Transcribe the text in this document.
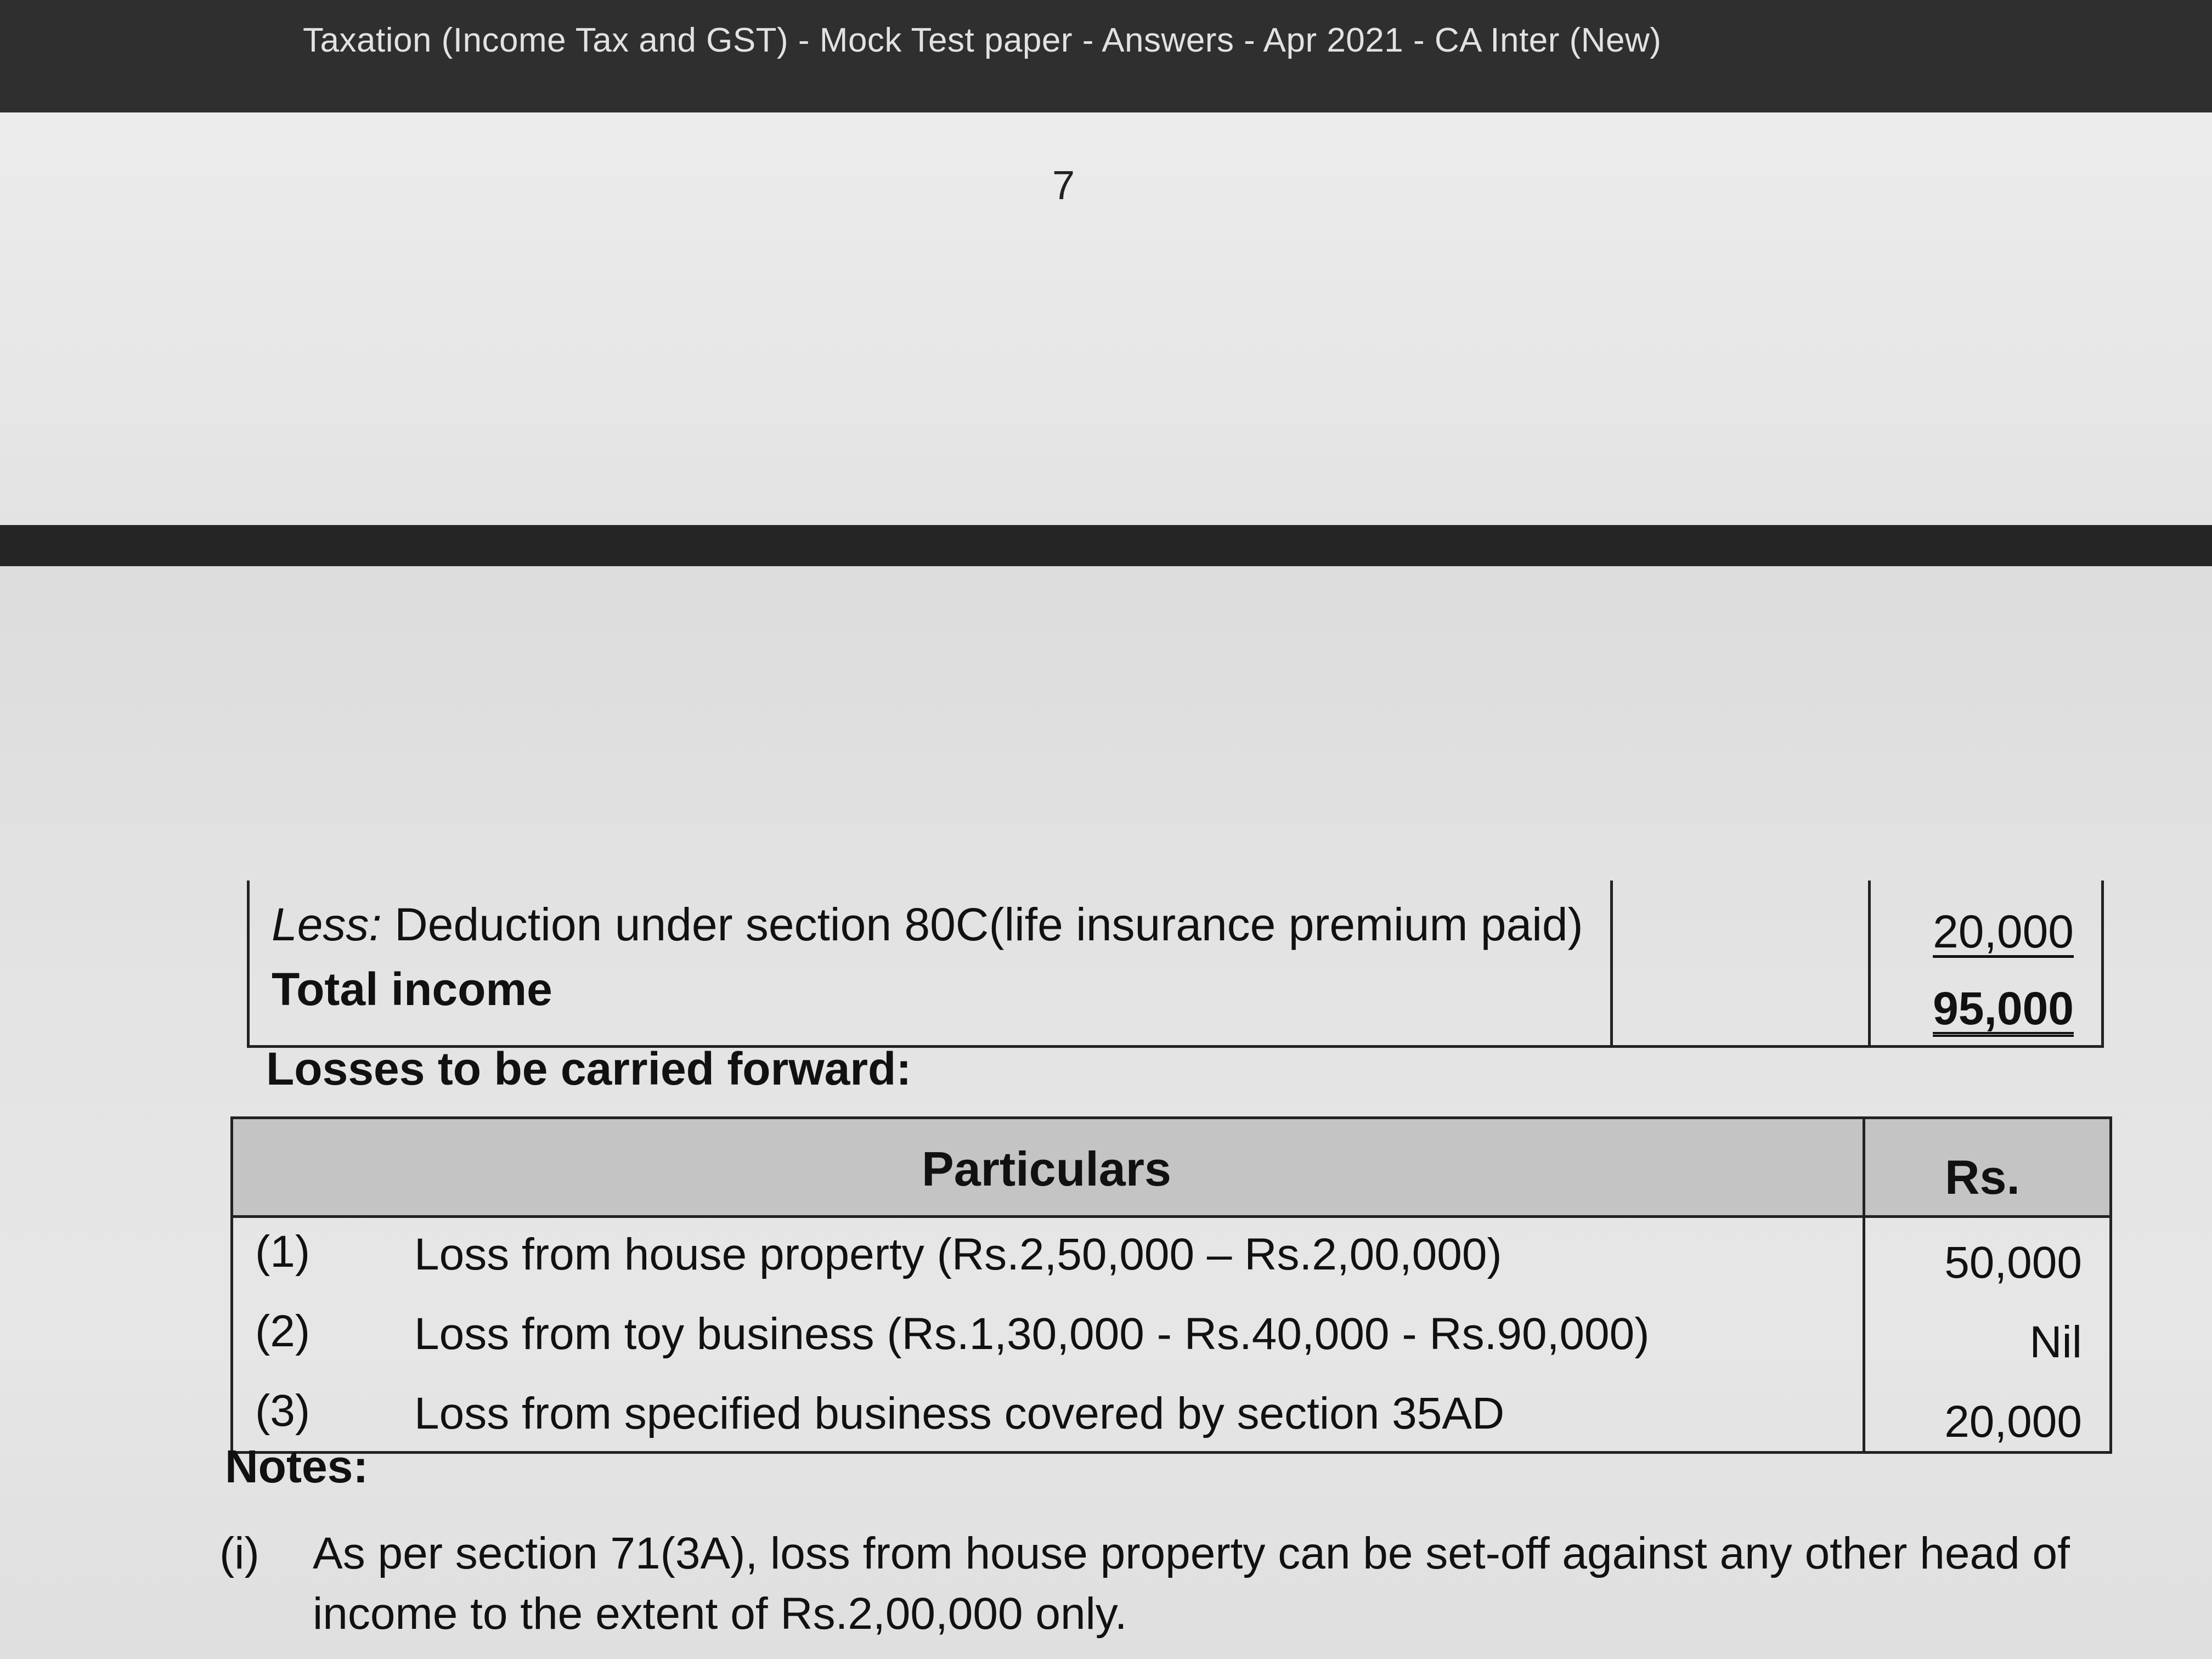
Taxation (Income Tax and GST) - Mock Test paper - Answers - Apr 2021 - CA Inter (New)
7
Less: Deduction under section 80C(life insurance premium paid)	20,000
Total income	95,000
Losses to be carried forward:
Particulars	Rs.
(1) Loss from house property (Rs.2,50,000 – Rs.2,00,000)	50,000
(2) Loss from toy business (Rs.1,30,000 - Rs.40,000 - Rs.90,000)	Nil
(3) Loss from specified business covered by section 35AD	20,000
Notes:
(i) As per section 71(3A), loss from house property can be set-off against any other head of
income to the extent of Rs.2,00,000 only.
